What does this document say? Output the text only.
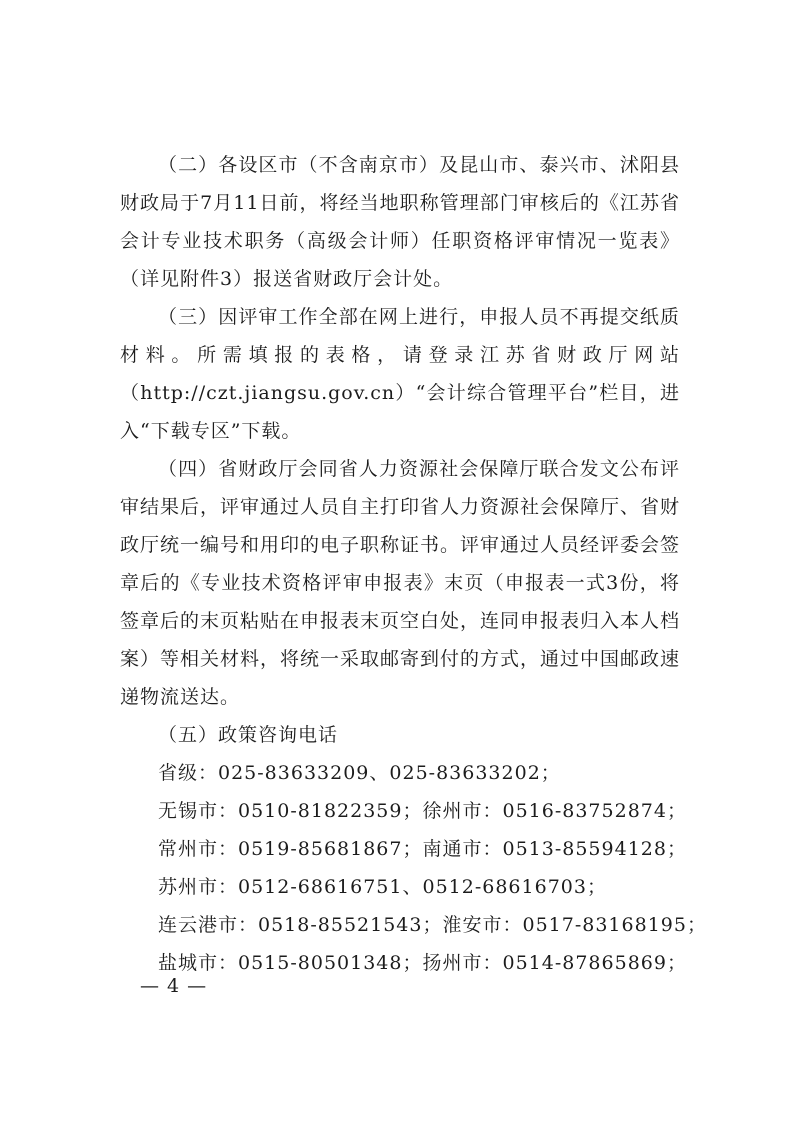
（二）各设区市（不含南京市）及昆山市、泰兴市、沭阳县财政局于7月11日前，将经当地职称管理部门审核后的《江苏省会计专业技术职务（高级会计师）任职资格评审情况一览表》（详见附件3）报送省财政厅会计处。

（三）因评审工作全部在网上进行，申报人员不再提交纸质材料。所需填报的表格，请登录江苏省财政厅网站（http://czt.jiangsu.gov.cn）“会计综合管理平台”栏目，进入“下载专区”下载。

（四）省财政厅会同省人力资源社会保障厅联合发文公布评审结果后，评审通过人员自主打印省人力资源社会保障厅、省财政厅统一编号和用印的电子职称证书。评审通过人员经评委会签章后的《专业技术资格评审申报表》末页（申报表一式3份，将签章后的末页粘贴在申报表末页空白处，连同申报表归入本人档案）等相关材料，将统一采取邮寄到付的方式，通过中国邮政速递物流送达。

（五）政策咨询电话

省级：025-83633209、025-83633202；
无锡市：0510-81822359；徐州市：0516-83752874；
常州市：0519-85681867；南通市：0513-85594128；
苏州市：0512-68616751、0512-68616703；
连云港市：0518-85521543；淮安市：0517-83168195；
盐城市：0515-80501348；扬州市：0514-87865869；
— 4 —
